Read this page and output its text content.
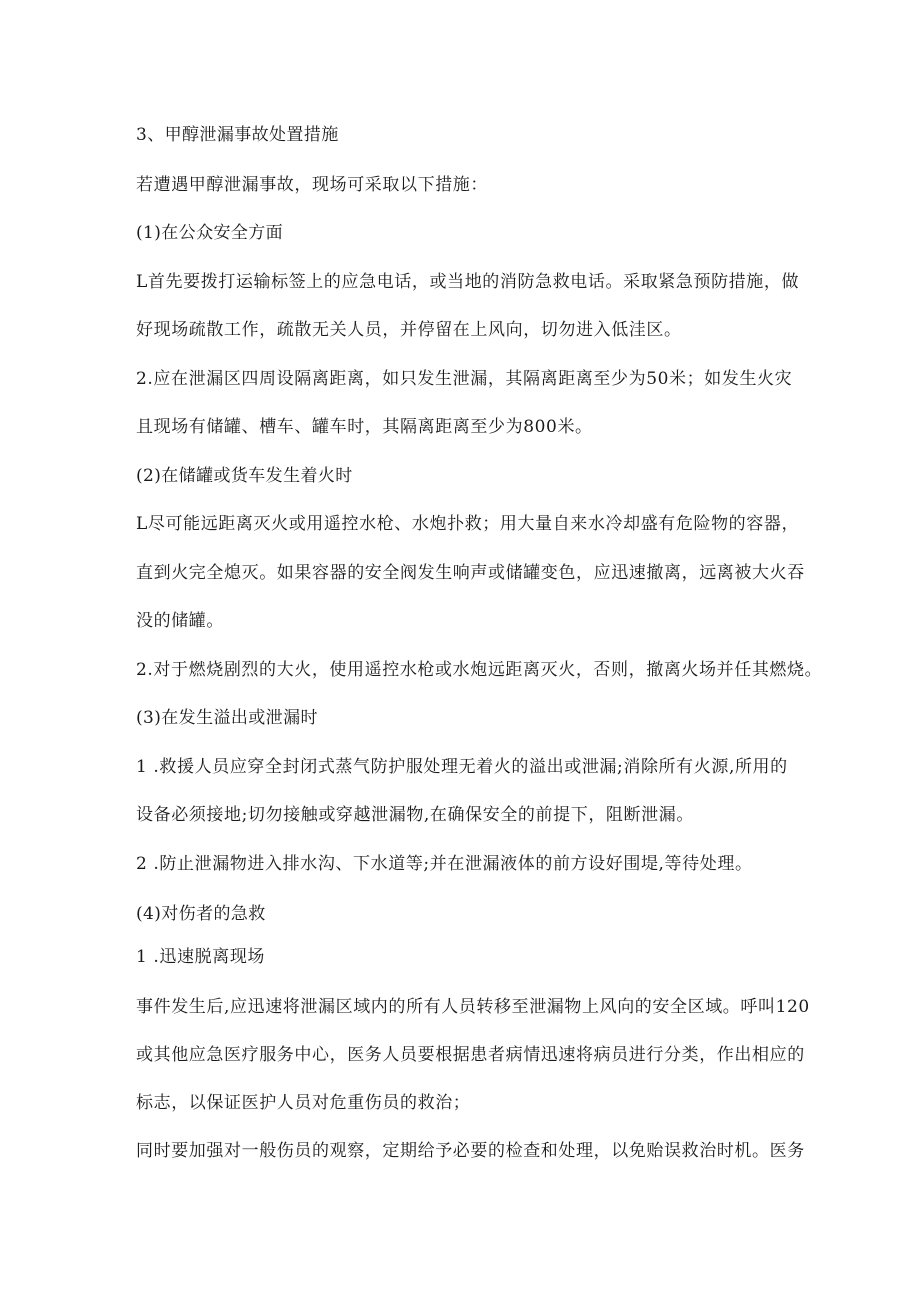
3、甲醇泄漏事故处置措施

若遭遇甲醇泄漏事故，现场可采取以下措施：

(1)在公众安全方面

L首先要拨打运输标签上的应急电话，或当地的消防急救电话。采取紧急预防措施，做

好现场疏散工作，疏散无关人员，并停留在上风向，切勿进入低洼区。

2.应在泄漏区四周设隔离距离，如只发生泄漏，其隔离距离至少为50米；如发生火灾

且现场有储罐、槽车、罐车时，其隔离距离至少为800米。

(2)在储罐或货车发生着火时

L尽可能远距离灭火或用遥控水枪、水炮扑救；用大量自来水冷却盛有危险物的容器，

直到火完全熄灭。如果容器的安全阀发生响声或储罐变色，应迅速撤离，远离被大火吞

没的储罐。

2.对于燃烧剧烈的大火，使用遥控水枪或水炮远距离灭火，否则，撤离火场并任其燃烧。

(3)在发生溢出或泄漏时

1 .救援人员应穿全封闭式蒸气防护服处理无着火的溢出或泄漏;消除所有火源,所用的

设备必须接地;切勿接触或穿越泄漏物,在确保安全的前提下，阻断泄漏。

2 .防止泄漏物进入排水沟、下水道等;并在泄漏液体的前方设好围堤,等待处理。

(4)对伤者的急救

1 .迅速脱离现场

事件发生后,应迅速将泄漏区域内的所有人员转移至泄漏物上风向的安全区域。呼叫120

或其他应急医疗服务中心，医务人员要根据患者病情迅速将病员进行分类，作出相应的

标志，以保证医护人员对危重伤员的救治；

同时要加强对一般伤员的观察，定期给予必要的检查和处理，以免贻误救治时机。医务
